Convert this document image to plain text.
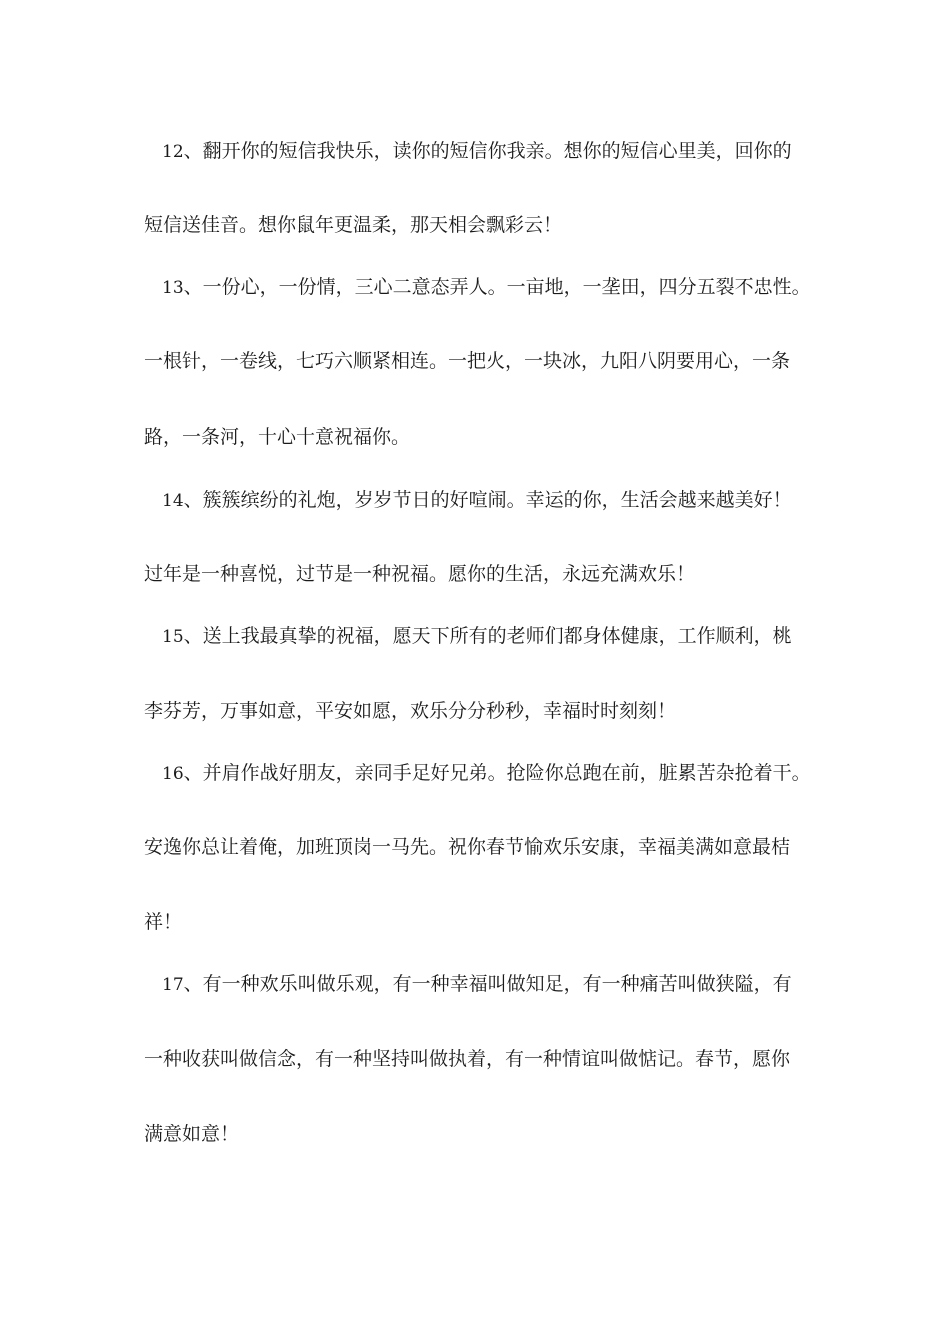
12、翻开你的短信我快乐，读你的短信你我亲。想你的短信心里美，回你的
短信送佳音。想你鼠年更温柔，那天相会飘彩云！
13、一份心，一份情，三心二意态弄人。一亩地，一垄田，四分五裂不忠性。
一根针，一卷线，七巧六顺紧相连。一把火，一块冰，九阳八阴要用心，一条
路，一条河，十心十意祝福你。
14、簇簇缤纷的礼炮，岁岁节日的好喧闹。幸运的你，生活会越来越美好！
过年是一种喜悦，过节是一种祝福。愿你的生活，永远充满欢乐！
15、送上我最真挚的祝福，愿天下所有的老师们都身体健康，工作顺利，桃
李芬芳，万事如意，平安如愿，欢乐分分秒秒，幸福时时刻刻！
16、并肩作战好朋友，亲同手足好兄弟。抢险你总跑在前，脏累苦杂抢着干。
安逸你总让着俺，加班顶岗一马先。祝你春节愉欢乐安康，幸福美满如意最桔
祥！
17、有一种欢乐叫做乐观，有一种幸福叫做知足，有一种痛苦叫做狭隘，有
一种收获叫做信念，有一种坚持叫做执着，有一种情谊叫做惦记。春节，愿你
满意如意！
